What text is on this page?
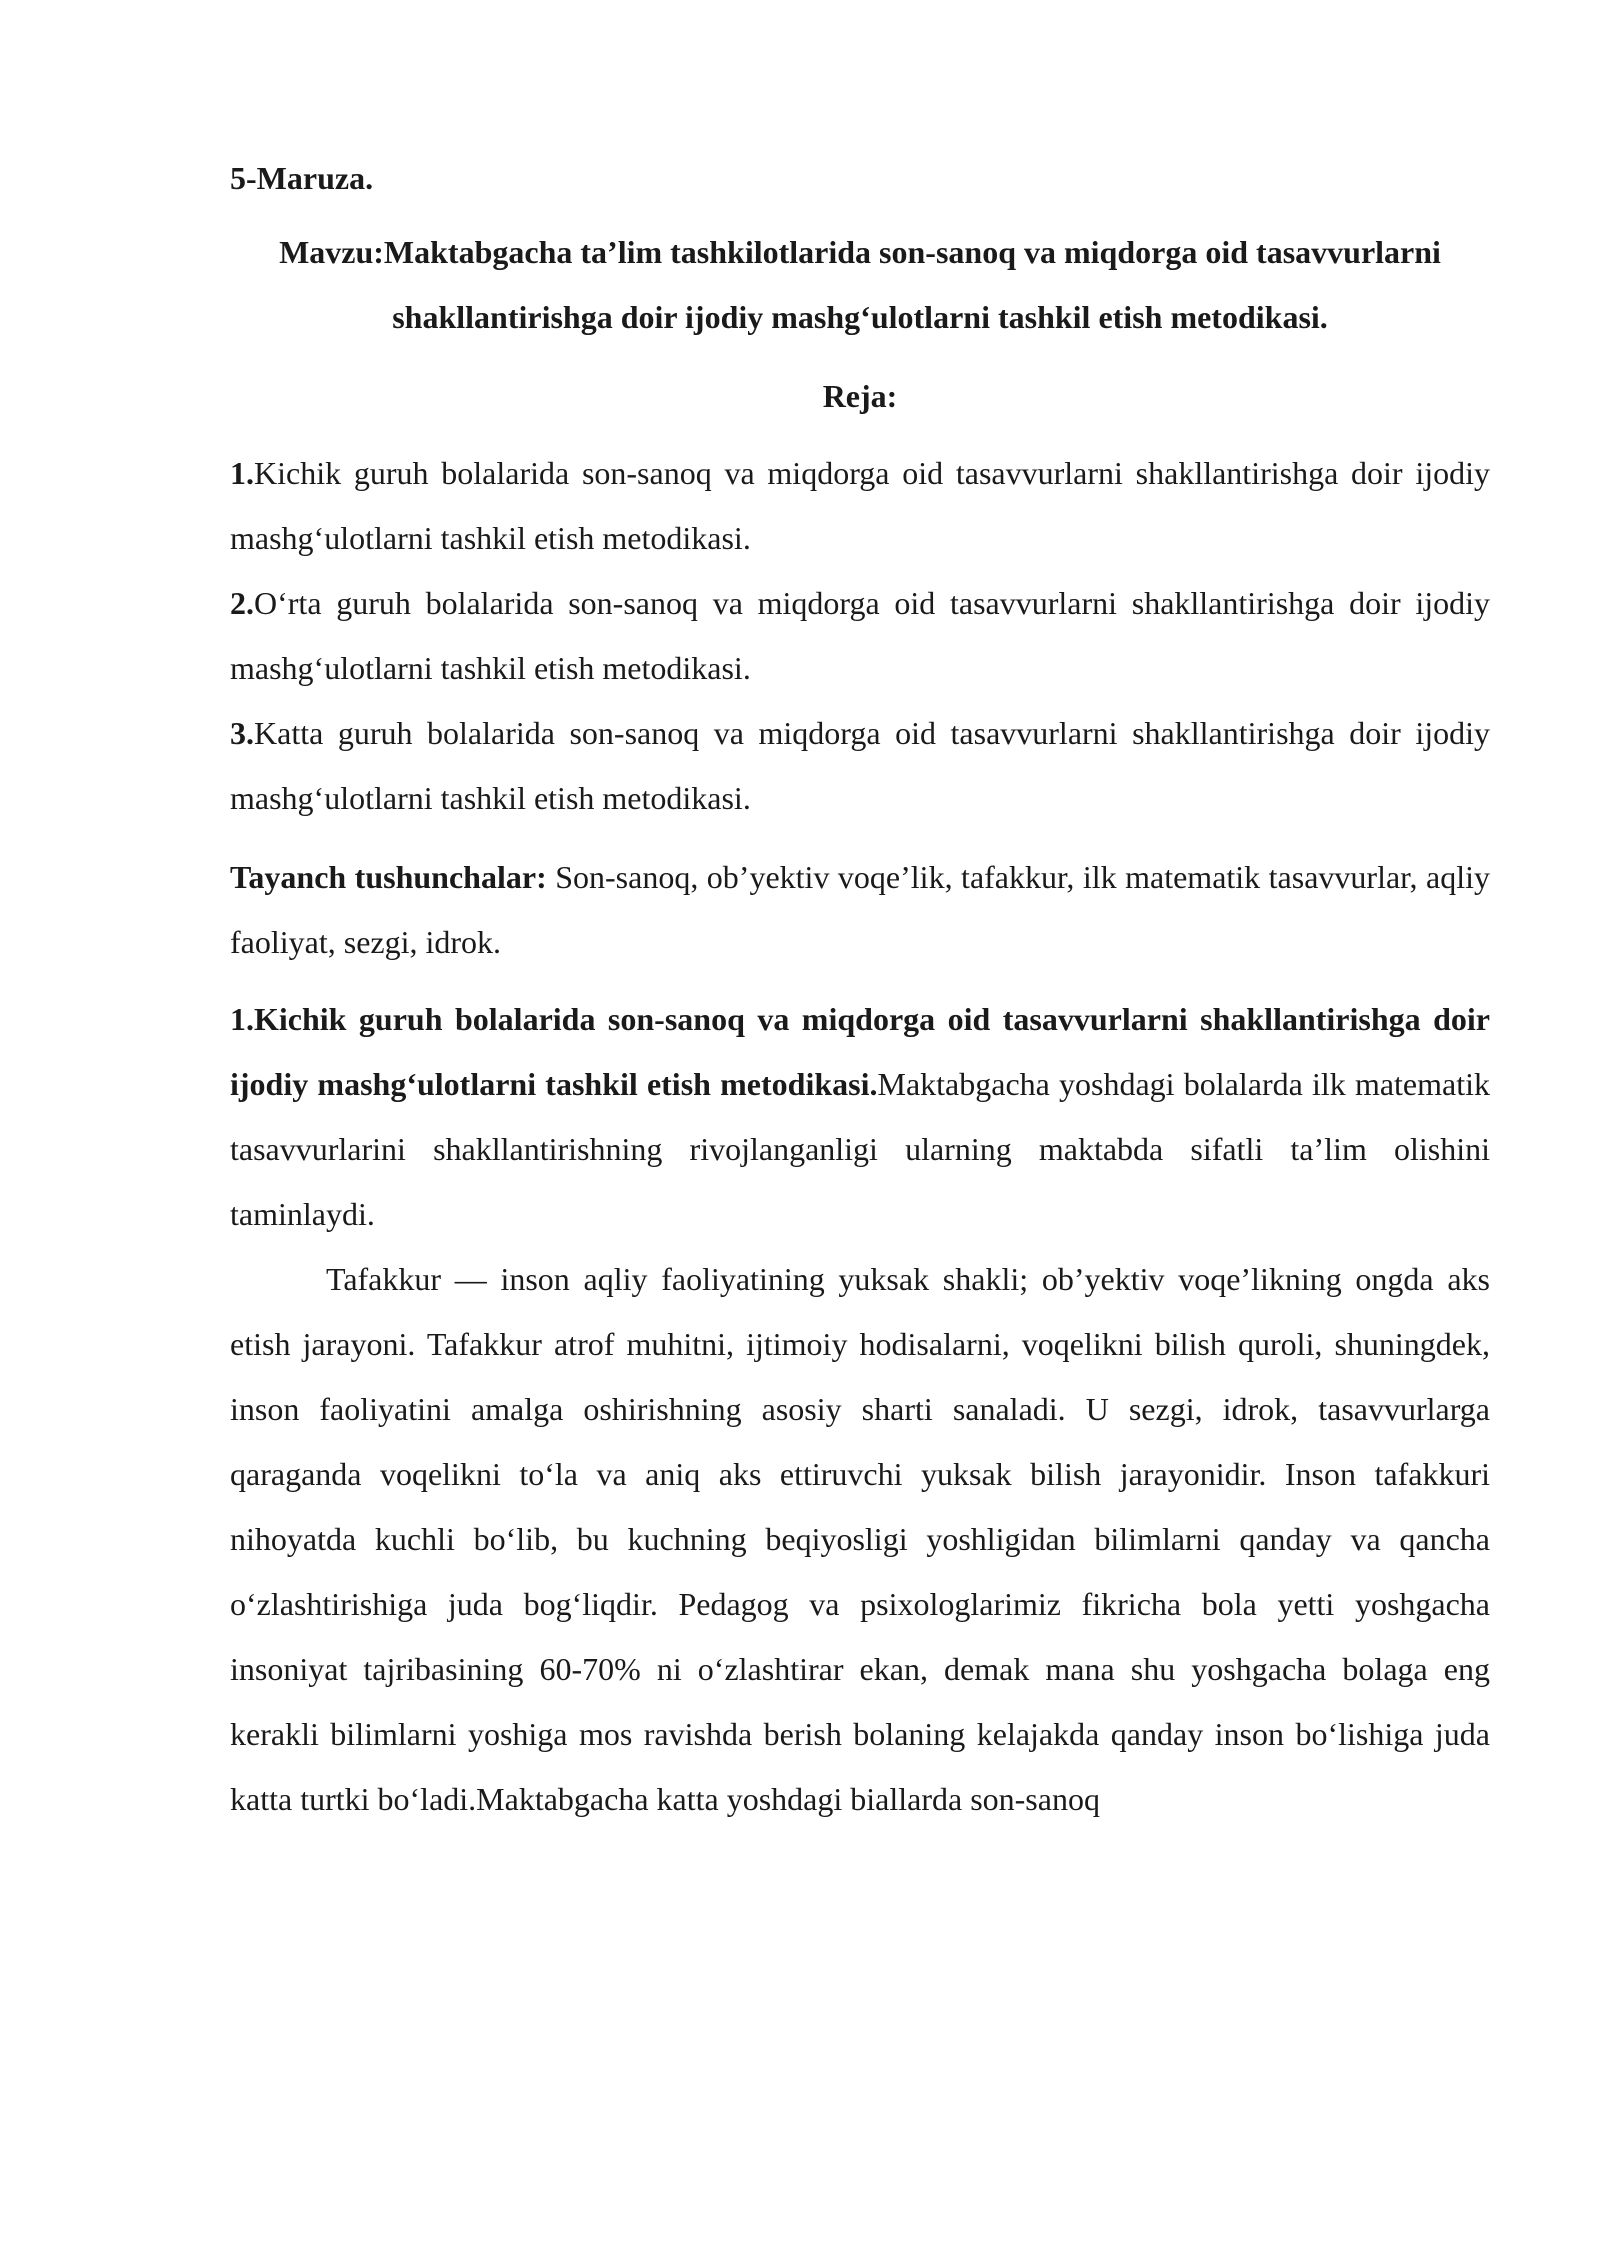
5-Maruza.

Mavzu:Maktabgacha ta’lim tashkilotlarida son-sanoq va miqdorga oid tasavvurlarni shakllantirishga doir ijodiy mashg‘ulotlarni tashkil etish metodikasi.

Reja:

1.Kichik guruh bolalarida son-sanoq va miqdorga oid tasavvurlarni shakllantirishga doir ijodiy mashg‘ulotlarni tashkil etish metodikasi.

2.O‘rta guruh bolalarida son-sanoq va miqdorga oid tasavvurlarni shakllantirishga doir ijodiy mashg‘ulotlarni tashkil etish metodikasi.

3.Katta guruh bolalarida son-sanoq va miqdorga oid tasavvurlarni shakllantirishga doir ijodiy mashg‘ulotlarni tashkil etish metodikasi.

Tayanch tushunchalar: Son-sanoq, ob’yektiv voqe’lik, tafakkur, ilk matematik tasavvurlar, aqliy faoliyat, sezgi, idrok.

1.Kichik guruh bolalarida son-sanoq va miqdorga oid tasavvurlarni shakllantirishga doir ijodiy mashg‘ulotlarni tashkil etish metodikasi.Maktabgacha yoshdagi bolalarda ilk matematik tasavvurlarini shakllantirishning rivojlanganligi ularning maktabda sifatli ta’lim olishini taminlaydi.

Tafakkur — inson aqliy faoliyatining yuksak shakli; ob’yektiv voqe’likning ongda aks etish jarayoni. Tafakkur atrof muhitni, ijtimoiy hodisalarni, voqelikni bilish quroli, shuningdek, inson faoliyatini amalga oshirishning asosiy sharti sanaladi. U sezgi, idrok, tasavvurlarga qaraganda voqelikni to‘la va aniq aks ettiruvchi yuksak bilish jarayonidir. Inson tafakkuri nihoyatda kuchli bo‘lib, bu kuchning beqiyosligi yoshligidan bilimlarni qanday va qancha o‘zlashtirishiga juda bog‘liqdir. Pedagog va psixologlarimiz fikricha bola yetti yoshgacha insoniyat tajribasining 60-70% ni o‘zlashtirar ekan, demak mana shu yoshgacha bolaga eng kerakli bilimlarni yoshiga mos ravishda berish bolaning kelajakda qanday inson bo‘lishiga juda katta turtki bo‘ladi.Maktabgacha katta yoshdagi biallarda son-sanoq
